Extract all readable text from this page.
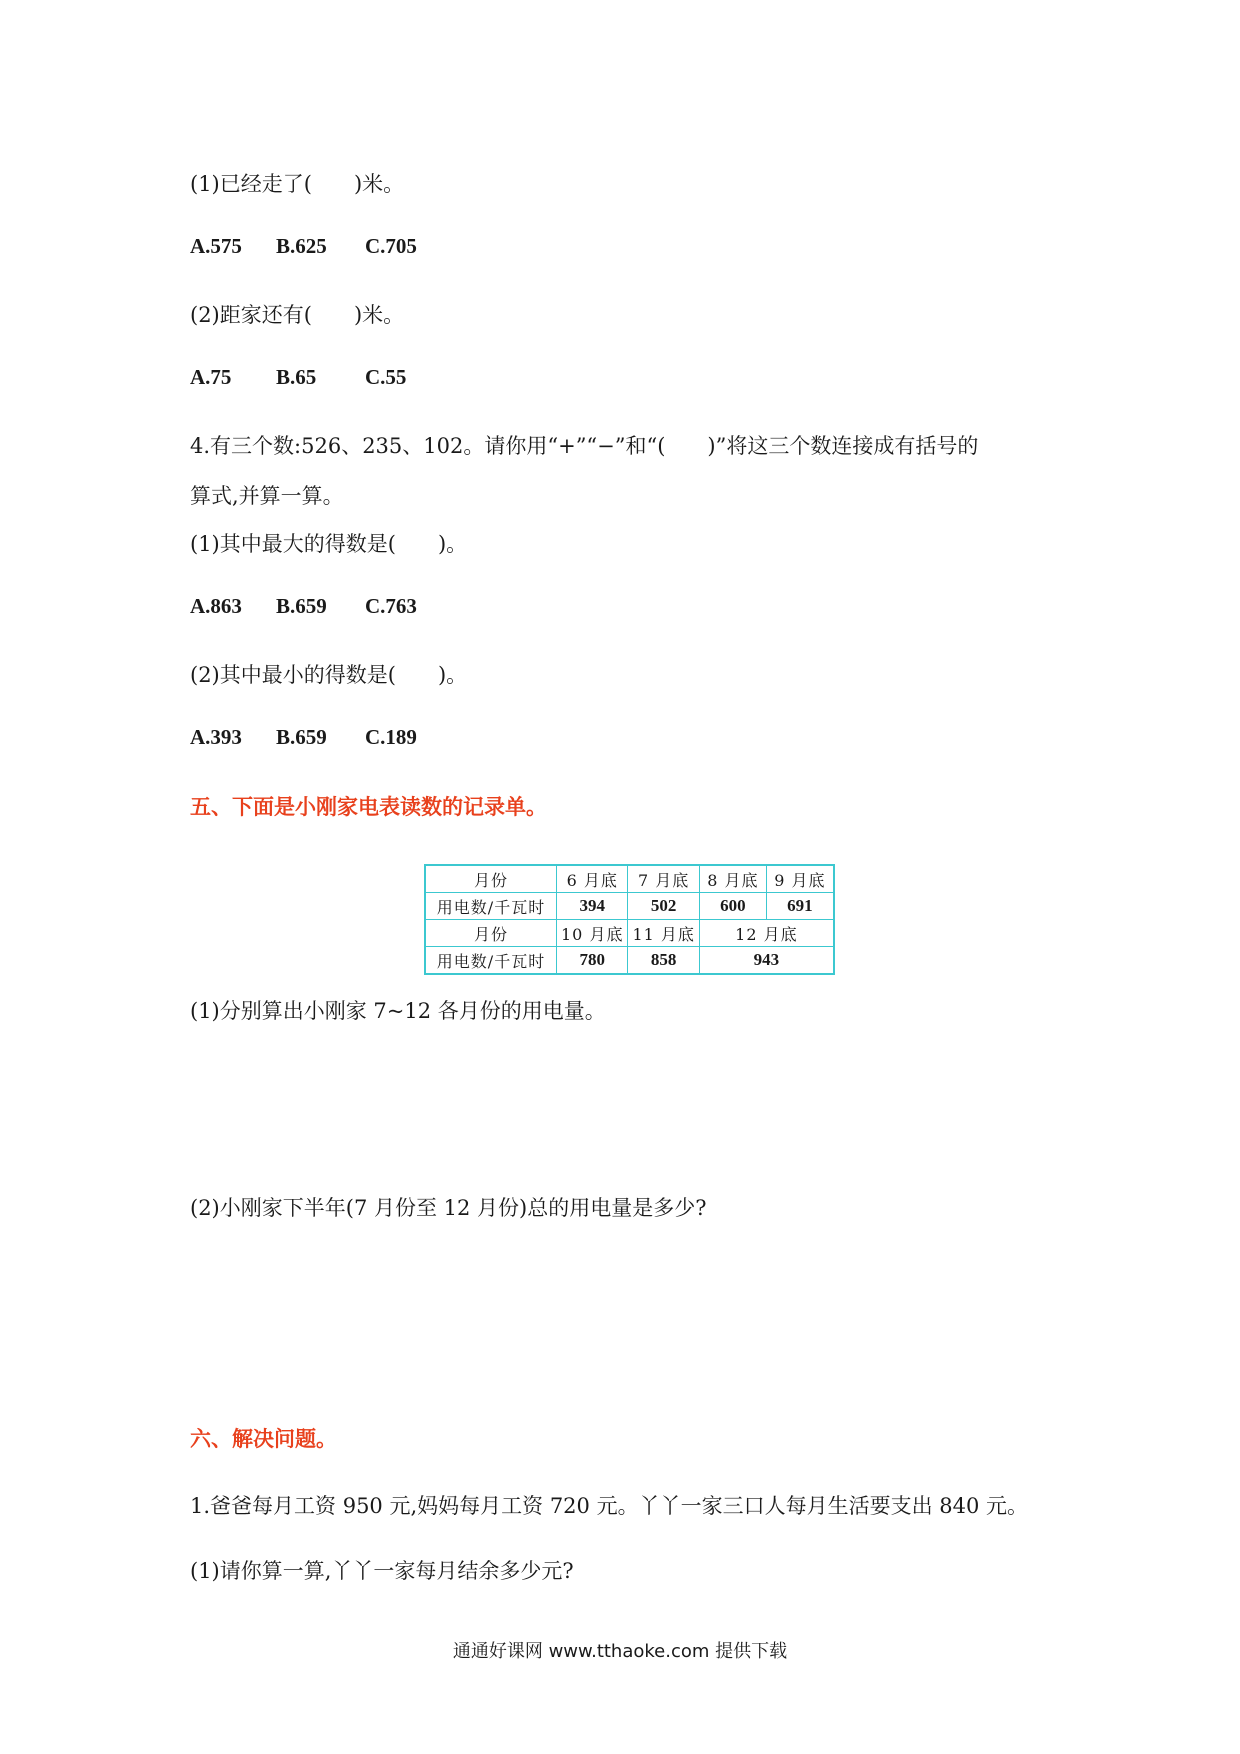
(1)已经走了(　　)米。
A.575 B.625 C.705
(2)距家还有(　　)米。
A.75 B.65 C.55
4.有三个数:526、235、102。请你用“+”“−”和“(　　)”将这三个数连接成有括号的
算式,并算一算。
(1)其中最大的得数是(　　)。
A.863 B.659 C.763
(2)其中最小的得数是(　　)。
A.393 B.659 C.189
五、下面是小刚家电表读数的记录单。
月份	6 月底	7 月底	8 月底	9 月底
用电数/千瓦时	394	502	600	691
月份	10 月底	11 月底	12 月底	
用电数/千瓦时	780	858	943	
(1)分别算出小刚家 7~12 各月份的用电量。
(2)小刚家下半年(7 月份至 12 月份)总的用电量是多少?
六、解决问题。
1.爸爸每月工资 950 元,妈妈每月工资 720 元。丫丫一家三口人每月生活要支出 840 元。
(1)请你算一算,丫丫一家每月结余多少元?
通通好课网 www.tthaoke.com 提供下载
